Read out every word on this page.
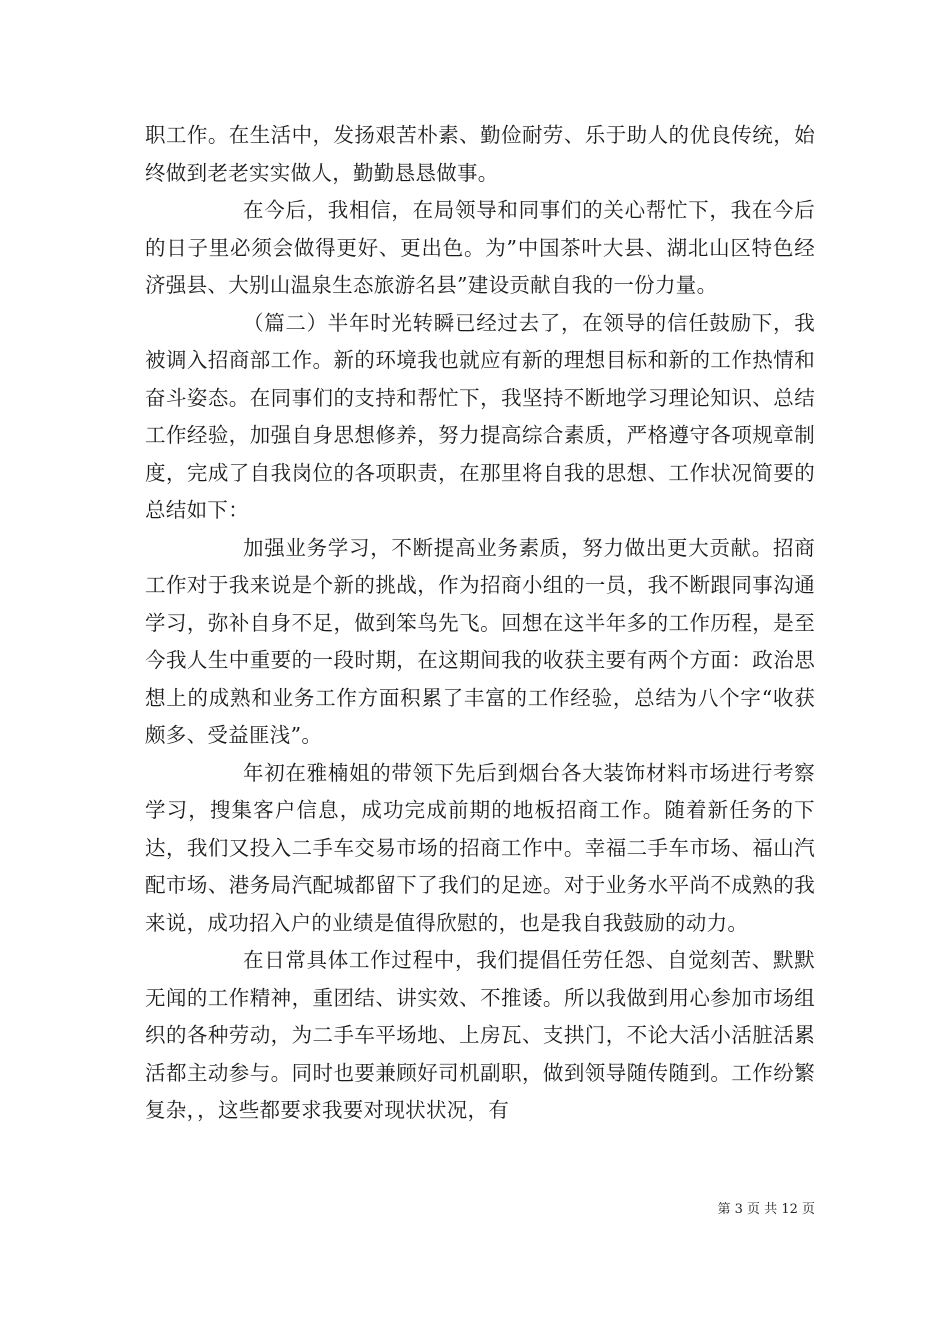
职工作。在生活中，发扬艰苦朴素、勤俭耐劳、乐于助人的优良传统，始终做到老老实实做人，勤勤恳恳做事。

在今后，我相信，在局领导和同事们的关心帮忙下，我在今后的日子里必须会做得更好、更出色。为”中国茶叶大县、湖北山区特色经济强县、大别山温泉生态旅游名县”建设贡献自我的一份力量。

（篇二）半年时光转瞬已经过去了，在领导的信任鼓励下，我被调入招商部工作。新的环境我也就应有新的理想目标和新的工作热情和奋斗姿态。在同事们的支持和帮忙下，我坚持不断地学习理论知识、总结工作经验，加强自身思想修养，努力提高综合素质，严格遵守各项规章制度，完成了自我岗位的各项职责，在那里将自我的思想、工作状况简要的总结如下：

加强业务学习，不断提高业务素质，努力做出更大贡献。招商工作对于我来说是个新的挑战，作为招商小组的一员，我不断跟同事沟通学习，弥补自身不足，做到笨鸟先飞。回想在这半年多的工作历程，是至今我人生中重要的一段时期，在这期间我的收获主要有两个方面：政治思想上的成熟和业务工作方面积累了丰富的工作经验，总结为八个字“收获颇多、受益匪浅”。

年初在雅楠姐的带领下先后到烟台各大装饰材料市场进行考察学习，搜集客户信息，成功完成前期的地板招商工作。随着新任务的下达，我们又投入二手车交易市场的招商工作中。幸福二手车市场、福山汽配市场、港务局汽配城都留下了我们的足迹。对于业务水平尚不成熟的我来说，成功招入户的业绩是值得欣慰的，也是我自我鼓励的动力。

在日常具体工作过程中，我们提倡任劳任怨、自觉刻苦、默默无闻的工作精神，重团结、讲实效、不推诿。所以我做到用心参加市场组织的各种劳动，为二手车平场地、上房瓦、支拱门，不论大活小活脏活累活都主动参与。同时也要兼顾好司机副职，做到领导随传随到。工作纷繁复杂，，这些都要求我要对现状状况，有

第 3 页 共 12 页
